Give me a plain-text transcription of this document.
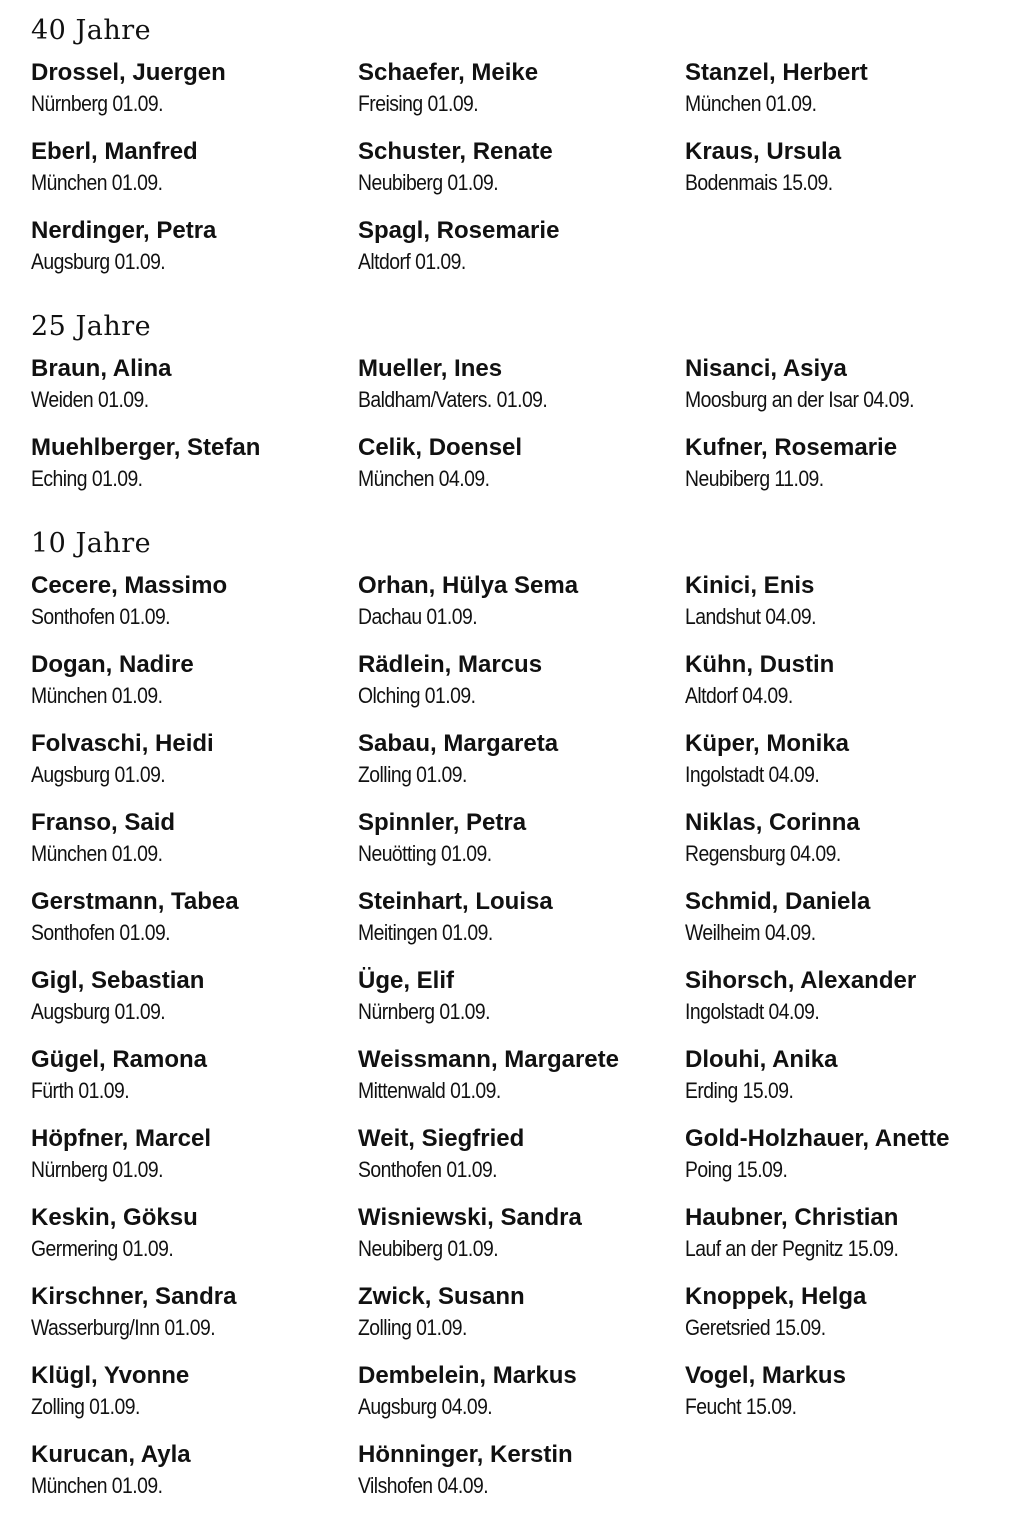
40 Jahre
Drossel, Juergen
Nürnberg 01.09.
Schaefer, Meike
Freising 01.09.
Stanzel, Herbert
München 01.09.
Eberl, Manfred
München 01.09.
Schuster, Renate
Neubiberg 01.09.
Kraus, Ursula
Bodenmais 15.09.
Nerdinger, Petra
Augsburg 01.09.
Spagl, Rosemarie
Altdorf 01.09.
25 Jahre
Braun, Alina
Weiden 01.09.
Mueller, Ines
Baldham/Vaters. 01.09.
Nisanci, Asiya
Moosburg an der Isar 04.09.
Muehlberger, Stefan
Eching 01.09.
Celik, Doensel
München 04.09.
Kufner, Rosemarie
Neubiberg 11.09.
10 Jahre
Cecere, Massimo
Sonthofen 01.09.
Orhan, Hülya Sema
Dachau 01.09.
Kinici, Enis
Landshut 04.09.
Dogan, Nadire
München 01.09.
Rädlein, Marcus
Olching 01.09.
Kühn, Dustin
Altdorf 04.09.
Folvaschi, Heidi
Augsburg 01.09.
Sabau, Margareta
Zolling 01.09.
Küper, Monika
Ingolstadt 04.09.
Franso, Said
München 01.09.
Spinnler, Petra
Neuötting 01.09.
Niklas, Corinna
Regensburg 04.09.
Gerstmann, Tabea
Sonthofen 01.09.
Steinhart, Louisa
Meitingen 01.09.
Schmid, Daniela
Weilheim 04.09.
Gigl, Sebastian
Augsburg 01.09.
Üge, Elif
Nürnberg 01.09.
Sihorsch, Alexander
Ingolstadt 04.09.
Gügel, Ramona
Fürth 01.09.
Weissmann, Margarete
Mittenwald 01.09.
Dlouhi, Anika
Erding 15.09.
Höpfner, Marcel
Nürnberg 01.09.
Weit, Siegfried
Sonthofen 01.09.
Gold-Holzhauer, Anette
Poing 15.09.
Keskin, Göksu
Germering 01.09.
Wisniewski, Sandra
Neubiberg 01.09.
Haubner, Christian
Lauf an der Pegnitz 15.09.
Kirschner, Sandra
Wasserburg/Inn 01.09.
Zwick, Susann
Zolling 01.09.
Knoppek, Helga
Geretsried 15.09.
Klügl, Yvonne
Zolling 01.09.
Dembelein, Markus
Augsburg 04.09.
Vogel, Markus
Feucht 15.09.
Kurucan, Ayla
München 01.09.
Hönninger, Kerstin
Vilshofen 04.09.
